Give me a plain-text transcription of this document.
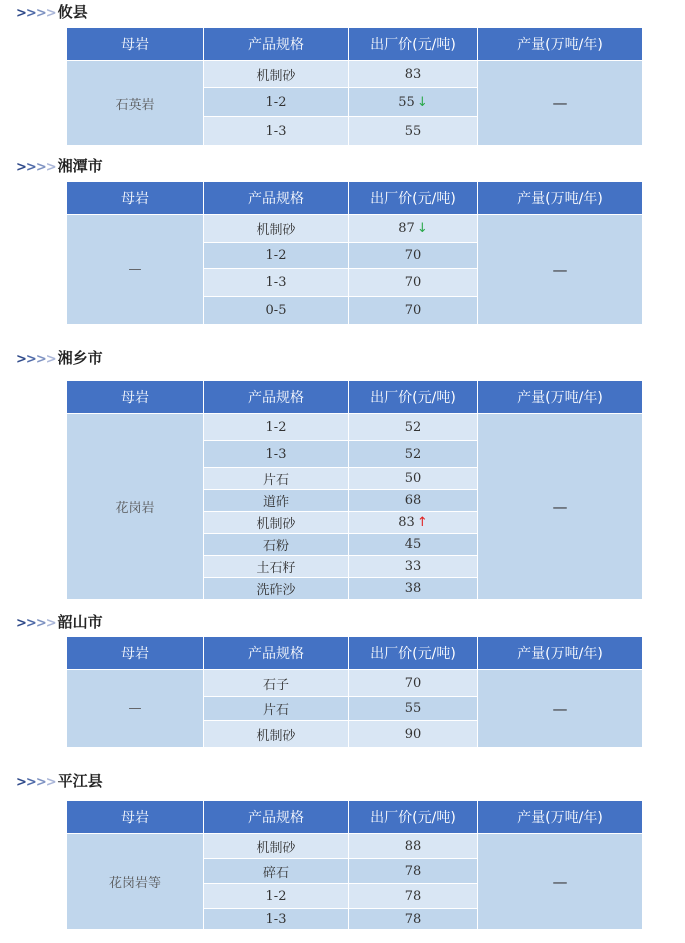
>>>> 攸县
母岩	产品规格	出厂价(元/吨)	产量(万吨/年)
石英岩	机制砂	83	—
	1-2	55 ↓	
	1-3	55	
>>>> 湘潭市
母岩	产品规格	出厂价(元/吨)	产量(万吨/年)
—	机制砂	87 ↓	—
	1-2	70	
	1-3	70	
	0-5	70	
>>>> 湘乡市
母岩	产品规格	出厂价(元/吨)	产量(万吨/年)
花岗岩	1-2	52	—
	1-3	52	
	片石	50	
	道砟	68	
	机制砂	83 ↑	
	石粉	45	
	土石籽	33	
	洗砟沙	38	
>>>> 韶山市
母岩	产品规格	出厂价(元/吨)	产量(万吨/年)
—	石子	70	—
	片石	55	
	机制砂	90	
>>>> 平江县
母岩	产品规格	出厂价(元/吨)	产量(万吨/年)
花岗岩等	机制砂	88	—
	碎石	78	
	1-2	78	
	1-3	78	
